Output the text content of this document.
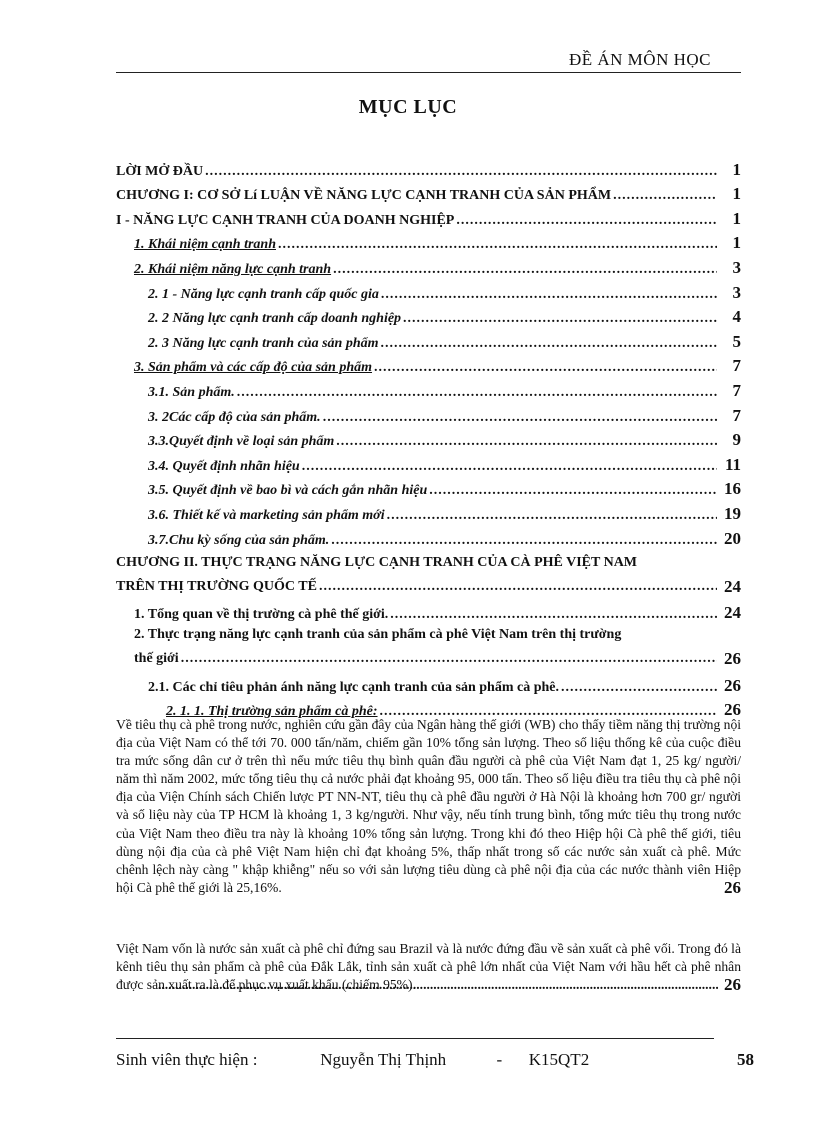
ĐỀ ÁN MÔN HỌC
MỤC LỤC
LỜI MỞ ĐẦU .....	1
CHƯƠNG I: CƠ SỞ Lí LUẬN VỀ NĂNG LỰC CẠNH TRANH CỦA SẢN PHẨM .....	1
I - NĂNG LỰC CẠNH TRANH CỦA DOANH NGHIỆP .....	1
1. Khái niệm cạnh tranh .....	1
2. Khái niệm năng lực cạnh tranh .....	3
2. 1 - Năng lực cạnh tranh cấp quốc gia .....	3
2. 2 Năng lực cạnh tranh cấp doanh nghiệp .....	4
2. 3 Năng lực cạnh tranh của sản phẩm .....	5
3. Sản phẩm và các cấp độ của sản phẩm .....	7
3.1. Sản phẩm. .....	7
3. 2Các cấp độ của sản phẩm. .....	7
3.3.Quyết định về loại sản phẩm .....	9
3.4. Quyết định nhãn hiệu .....	11
3.5. Quyết định về bao bì và cách gắn nhãn hiệu .....	16
3.6. Thiết kế và marketing sản phẩm mới .....	19
3.7.Chu kỳ sống của sản phẩm. .....	20
CHƯƠNG II. THỰC TRẠNG NĂNG LỰC CẠNH TRANH CỦA CÀ PHÊ VIỆT NAM
TRÊN THỊ TRƯỜNG QUỐC TẾ .....	24
1. Tổng quan về thị trường cà phê thế giới. .....	24
2. Thực trạng năng lực cạnh tranh của sản phẩm cà phê Việt Nam trên thị trường
thế giới .....	26
2.1. Các chỉ tiêu phản ánh năng lực cạnh tranh của sản phẩm cà phê. .....	26
2. 1. 1. Thị trường sản phẩm cà phê: .....	26
Về tiêu thụ cà phê trong nước, nghiên cứu gần đây của Ngân hàng thế giới (WB) cho thấy tiềm năng thị trường nội địa của Việt Nam có thể tới 70. 000 tấn/năm, chiếm gần 10% tổng sản lượng. Theo số liệu thống kê của cuộc điều tra mức sống dân cư ở trên thì nếu mức tiêu thụ bình quân đầu người cà phê của Việt Nam đạt 1, 25 kg/ người/ năm thì năm 2002, mức tổng tiêu thụ cả nước phải đạt khoảng 95, 000 tấn. Theo số liệu điều tra tiêu thụ cà phê nội địa của Viện Chính sách Chiến lược PT NN-NT, tiêu thụ cà phê đầu người ở Hà Nội là khoảng hơn 700 gr/ người và số liệu này của TP HCM là khoảng 1, 3 kg/người. Như vậy, nếu tính trung bình, tổng mức tiêu thụ trong nước của Việt Nam theo điều tra này là khoảng 10% tổng sản lượng. Trong khi đó theo Hiệp hội Cà phê thế giới, tiêu dùng nội địa của cà phê Việt Nam hiện chỉ đạt khoảng 5%, thấp nhất trong số các nước sản xuất cà phê. Mức chênh lệch này càng " khập khiễng" nếu so với sản lượng tiêu dùng cà phê nội địa của các nước thành viên Hiệp hội Cà phê thế giới là 25,16%.	26
Việt Nam vốn là nước sản xuất cà phê chỉ đứng sau Brazil và là nước đứng đầu về sản xuất cà phê vối. Trong đó là kênh tiêu thụ sản phẩm cà phê của Đắk Lắk, tỉnh sản xuất cà phê lớn nhất của Việt Nam với hầu hết cà phê nhân được sản xuất ra là để phục vụ xuất khẩu (chiếm 95%). .....	26
Sinh viên thực hiện :	Nguyễn Thị Thịnh	- K15QT2	58
